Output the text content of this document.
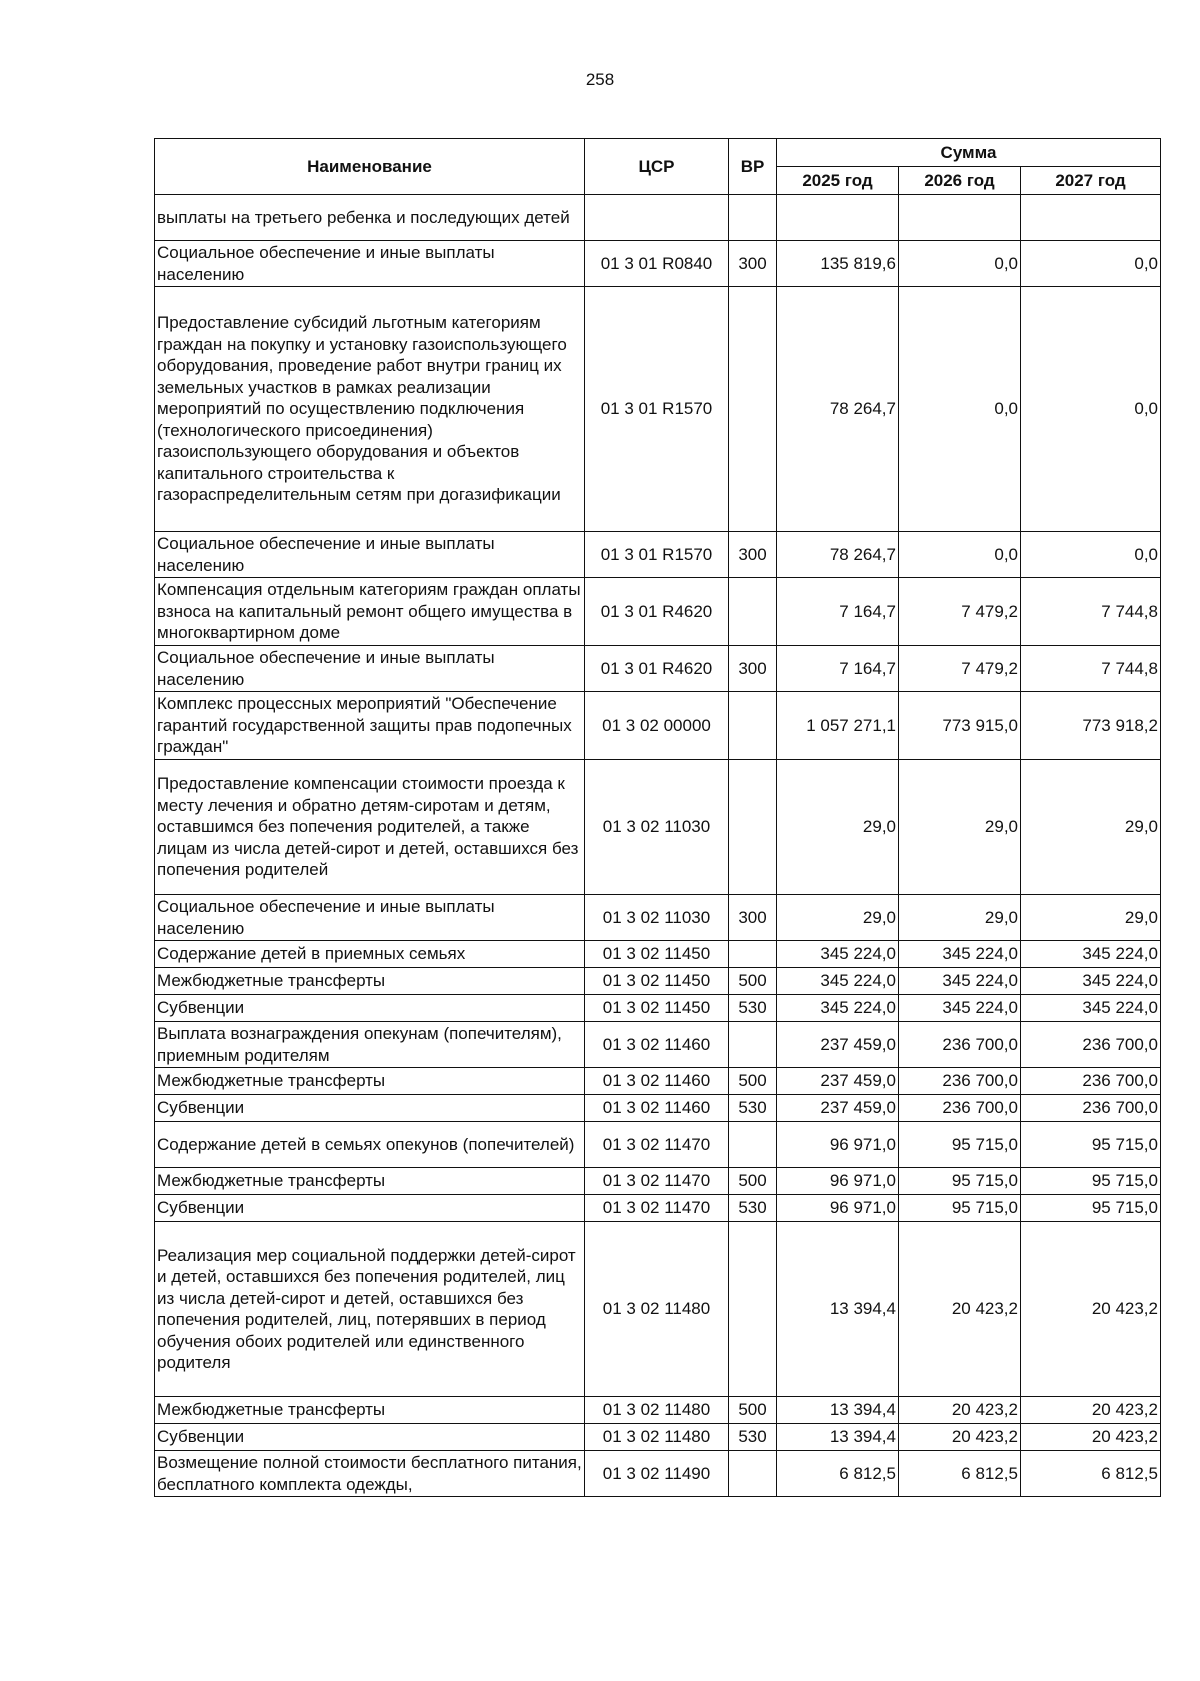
258
Наименование	ЦСР	ВР	Сумма		
			2025 год	2026 год	2027 год
выплаты на третьего ребенка и последующих детей					
Социальное обеспечение и иные выплаты населению	01 3 01 R0840	300	135 819,6	0,0	0,0
Предоставление субсидий льготным категориям граждан на покупку и установку газоиспользующего оборудования, проведение работ внутри границ их земельных участков в рамках реализации мероприятий по осуществлению подключения (технологического присоединения) газоиспользующего оборудования и объектов капитального строительства к газораспределительным сетям при догазификации	01 3 01 R1570		78 264,7	0,0	0,0
Социальное обеспечение и иные выплаты населению	01 3 01 R1570	300	78 264,7	0,0	0,0
Компенсация отдельным категориям граждан оплаты взноса на капитальный ремонт общего имущества в многоквартирном доме	01 3 01 R4620		7 164,7	7 479,2	7 744,8
Социальное обеспечение и иные выплаты населению	01 3 01 R4620	300	7 164,7	7 479,2	7 744,8
Комплекс процессных мероприятий "Обеспечение гарантий государственной защиты прав подопечных граждан"	01 3 02 00000		1 057 271,1	773 915,0	773 918,2
Предоставление компенсации стоимости проезда к месту лечения и обратно детям-сиротам и детям, оставшимся без попечения родителей, а также лицам из числа детей-сирот и детей, оставшихся без попечения родителей	01 3 02 11030		29,0	29,0	29,0
Социальное обеспечение и иные выплаты населению	01 3 02 11030	300	29,0	29,0	29,0
Содержание детей в приемных семьях	01 3 02 11450		345 224,0	345 224,0	345 224,0
Межбюджетные трансферты	01 3 02 11450	500	345 224,0	345 224,0	345 224,0
Субвенции	01 3 02 11450	530	345 224,0	345 224,0	345 224,0
Выплата вознаграждения опекунам (попечителям), приемным родителям	01 3 02 11460		237 459,0	236 700,0	236 700,0
Межбюджетные трансферты	01 3 02 11460	500	237 459,0	236 700,0	236 700,0
Субвенции	01 3 02 11460	530	237 459,0	236 700,0	236 700,0
Содержание детей в семьях опекунов (попечителей)	01 3 02 11470		96 971,0	95 715,0	95 715,0
Межбюджетные трансферты	01 3 02 11470	500	96 971,0	95 715,0	95 715,0
Субвенции	01 3 02 11470	530	96 971,0	95 715,0	95 715,0
Реализация мер социальной поддержки детей-сирот и детей, оставшихся без попечения родителей, лиц из числа детей-сирот и детей, оставшихся без попечения родителей, лиц, потерявших в период обучения обоих родителей или единственного родителя	01 3 02 11480		13 394,4	20 423,2	20 423,2
Межбюджетные трансферты	01 3 02 11480	500	13 394,4	20 423,2	20 423,2
Субвенции	01 3 02 11480	530	13 394,4	20 423,2	20 423,2
Возмещение полной стоимости бесплатного питания, бесплатного комплекта одежды,	01 3 02 11490		6 812,5	6 812,5	6 812,5
